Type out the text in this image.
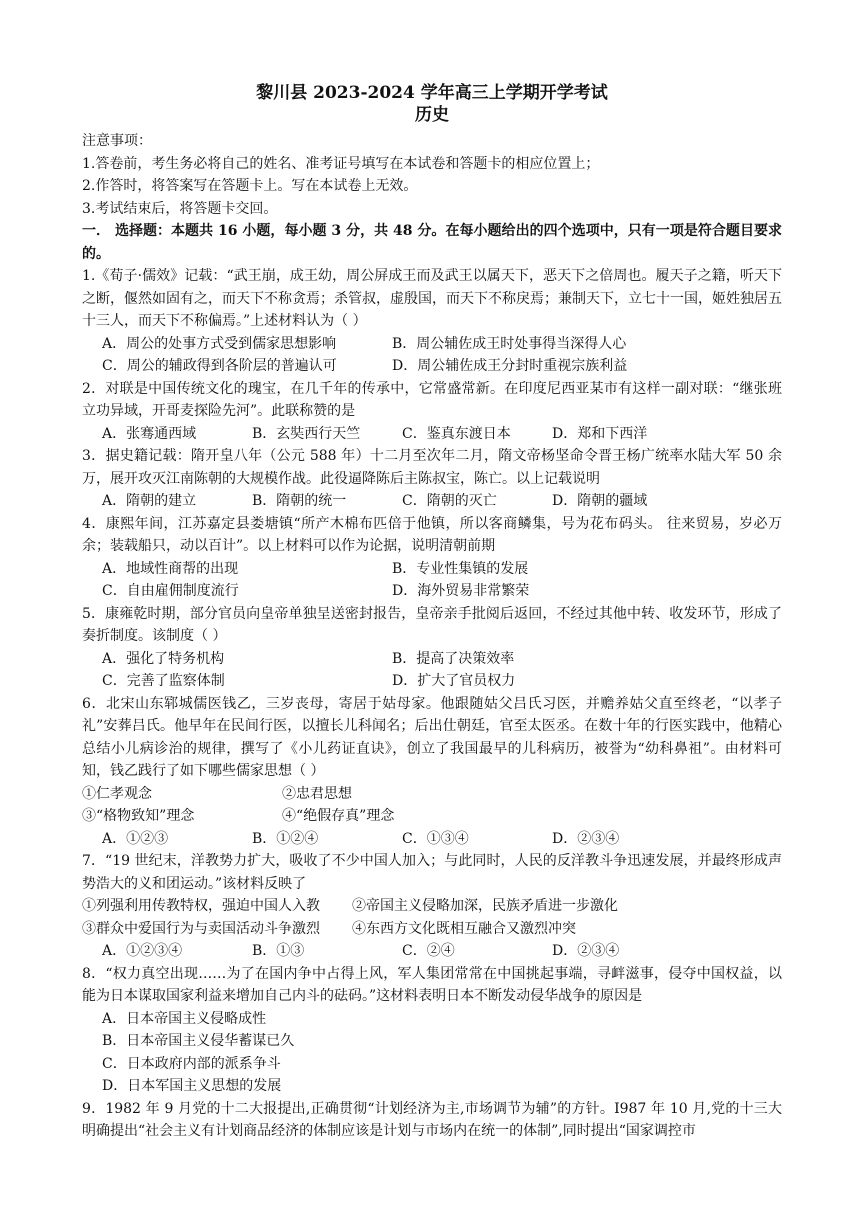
黎川县 2023-2024 学年高三上学期开学考试

历史

注意事项：

1.答卷前，考生务必将自己的姓名、准考证号填写在本试卷和答题卡的相应位置上；

2.作答时，将答案写在答题卡上。写在本试卷上无效。

3.考试结束后，将答题卡交回。

一． 选择题：本题共 16 小题，每小题 3 分，共 48 分。在每小题给出的四个选项中，只有一项是符合题目要求的。

1.《荀子·儒效》记载：“武王崩，成王幼，周公屏成王而及武王以属天下，恶天下之倍周也。履天子之籍，听天下之断，偃然如固有之，而天下不称贪焉；杀管叔，虚殷国，而天下不称戾焉；兼制天下，立七十一国，姬姓独居五十三人，而天下不称偏焉。”上述材料认为（ ）

A．周公的处事方式受到儒家思想影响	B．周公辅佐成王时处事得当深得人心
C．周公的辅政得到各阶层的普遍认可	D．周公辅佐成王分封时重视宗族利益

2．对联是中国传统文化的瑰宝，在几千年的传承中，它常盛常新。在印度尼西亚某市有这样一副对联：“继张班立功异域，开哥麦探险先河”。此联称赞的是

A．张骞通西域	B．玄奘西行天竺	C．鉴真东渡日本	D．郑和下西洋

3．据史籍记载：隋开皇八年（公元 588 年）十二月至次年二月，隋文帝杨坚命令晋王杨广统率水陆大军 50 余万，展开攻灭江南陈朝的大规模作战。此役逼降陈后主陈叔宝，陈亡。以上记载说明

A．隋朝的建立	B．隋朝的统一	C．隋朝的灭亡	D．隋朝的疆域

4．康熙年间，江苏嘉定县娄塘镇“所产木棉布匹倍于他镇，所以客商鳞集，号为花布码头。 往来贸易，岁必万余；装载船只，动以百计”。以上材料可以作为论据，说明清朝前期

A．地域性商帮的出现	B．专业性集镇的发展
C．自由雇佣制度流行	D．海外贸易非常繁荣

5．康雍乾时期，部分官员向皇帝单独呈送密封报告，皇帝亲手批阅后返回，不经过其他中转、收发环节，形成了奏折制度。该制度（ ）

A．强化了特务机构	B．提高了决策效率
C．完善了监察体制	D．扩大了官员权力

6．北宋山东郓城儒医钱乙，三岁丧母，寄居于姑母家。他跟随姑父吕氏习医，并赡养姑父直至终老，“以孝子礼”安葬吕氏。他早年在民间行医，以擅长儿科闻名；后出仕朝廷，官至太医丞。在数十年的行医实践中，他精心总结小儿病诊治的规律，撰写了《小儿药证直诀》，创立了我国最早的儿科病历，被誉为“幼科鼻祖”。由材料可知，钱乙践行了如下哪些儒家思想（ ）

①仁孝观念	②忠君思想
③“格物致知”理念	④“绝假存真”理念
A．①②③	B．①②④	C．①③④	D．②③④

7．“19 世纪末，洋教势力扩大，吸收了不少中国人加入；与此同时，人民的反洋教斗争迅速发展，并最终形成声势浩大的义和团运动。”该材料反映了

①列强利用传教特权，强迫中国人入教	②帝国主义侵略加深，民族矛盾进一步激化
③群众中爱国行为与卖国活动斗争激烈	④东西方文化既相互融合又激烈冲突
A．①②③④	B．①③	C．②④	D．②③④

8．“权力真空出现……为了在国内争中占得上风，军人集团常常在中国挑起事端，寻衅滋事，侵夺中国权益，以能为日本谋取国家利益来增加自己内斗的砝码。”这材料表明日本不断发动侵华战争的原因是

A．日本帝国主义侵略成性
B．日本帝国主义侵华蓄谋已久
C．日本政府内部的派系争斗
D．日本军国主义思想的发展

9．1982 年 9 月党的十二大报提出,正确贯彻“计划经济为主,市场调节为辅”的方针。I987 年 10 月,党的十三大明确提出“社会主义有计划商品经济的体制应该是计划与市场内在统一的体制”,同时提出“国家调控市
